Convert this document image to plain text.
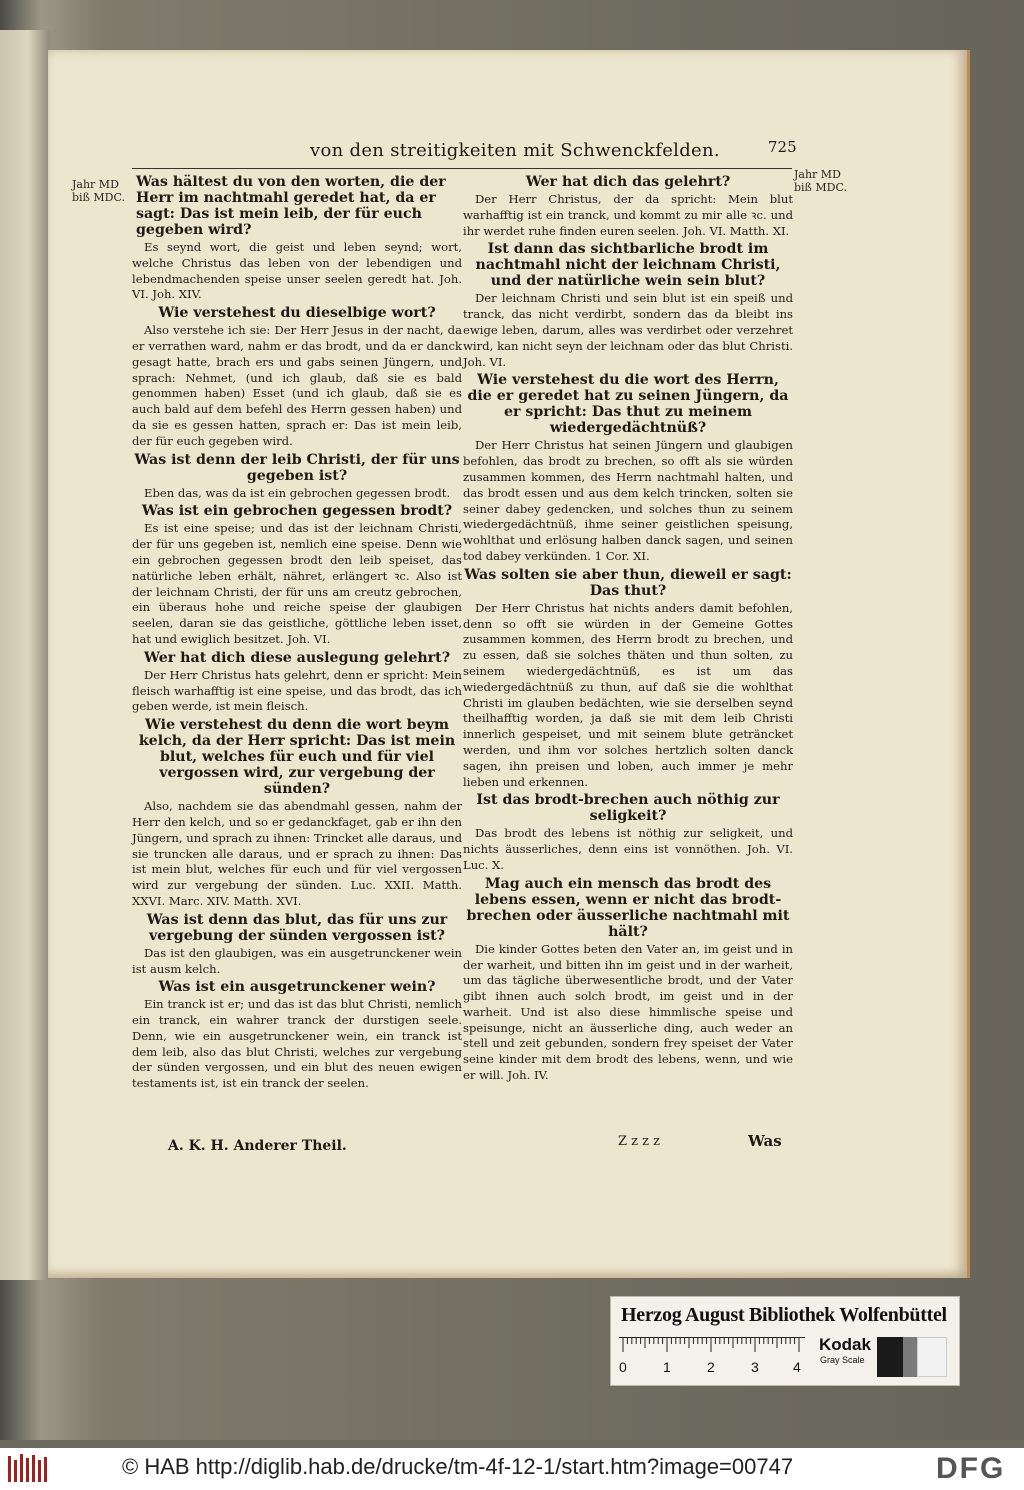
von den streitigkeiten mit Schwenckfelden.	725
Jahr MD
biß MDC.
Jahr MD
biß MDC.
Was hältest du von den worten, die der Herr im nachtmahl geredet hat, da er sagt: Das ist mein leib, der für euch gegeben wird?
Es seynd wort, die geist und leben seynd; wort, welche Christus das leben von der lebendigen und lebendmachenden speise unser seelen geredt hat. Joh. VI. Joh. XIV.
Wie verstehest du dieselbige wort?
Also verstehe ich sie: Der Herr Jesus in der nacht, da er verrathen ward, nahm er das brodt, und da er danck gesagt hatte, brach ers und gabs seinen Jüngern, und sprach: Nehmet, (und ich glaub, daß sie es bald genommen haben) Esset (und ich glaub, daß sie es auch bald auf dem befehl des Herrn gessen haben) und da sie es gessen hatten, sprach er: Das ist mein leib, der für euch gegeben wird.
Was ist denn der leib Christi, der für uns gegeben ist?
Eben das, was da ist ein gebrochen gegessen brodt.
Was ist ein gebrochen gegessen brodt?
Es ist eine speise; und das ist der leichnam Christi, der für uns gegeben ist, nemlich eine speise. Denn wie ein gebrochen gegessen brodt den leib speiset, das natürliche leben erhält, nähret, erlängert ꝛc. Also ist der leichnam Christi, der für uns am creutz gebrochen, ein überaus hohe und reiche speise der glaubigen seelen, daran sie das geistliche, göttliche leben isset, hat und ewiglich besitzet. Joh. VI.
Wer hat dich diese auslegung gelehrt?
Der Herr Christus hats gelehrt, denn er spricht: Mein fleisch warhafftig ist eine speise, und das brodt, das ich geben werde, ist mein fleisch.
Wie verstehest du denn die wort beym kelch, da der Herr spricht: Das ist mein blut, welches für euch und für viel vergossen wird, zur vergebung der sünden?
Also, nachdem sie das abendmahl gessen, nahm der Herr den kelch, und so er gedanckfaget, gab er ihn den Jüngern, und sprach zu ihnen: Trincket alle daraus, und sie truncken alle daraus, und er sprach zu ihnen: Das ist mein blut, welches für euch und für viel vergossen wird zur vergebung der sünden. Luc. XXII. Matth. XXVI. Marc. XIV. Matth. XVI.
Was ist denn das blut, das für uns zur vergebung der sünden vergossen ist?
Das ist den glaubigen, was ein ausgetrunckener wein ist ausm kelch.
Was ist ein ausgetrunckener wein?
Ein tranck ist er; und das ist das blut Christi, nemlich ein tranck, ein wahrer tranck der durstigen seele. Denn, wie ein ausgetrunckener wein, ein tranck ist dem leib, also das blut Christi, welches zur vergebung der sünden vergossen, und ein blut des neuen ewigen testaments ist, ist ein tranck der seelen.
Wer hat dich das gelehrt?
Der Herr Christus, der da spricht: Mein blut warhafftig ist ein tranck, und kommt zu mir alle ꝛc. und ihr werdet ruhe finden euren seelen. Joh. VI. Matth. XI.
Ist dann das sichtbarliche brodt im nachtmahl nicht der leichnam Christi, und der natürliche wein sein blut?
Der leichnam Christi und sein blut ist ein speiß und tranck, das nicht verdirbt, sondern das da bleibt ins ewige leben, darum, alles was verdirbet oder verzehret wird, kan nicht seyn der leichnam oder das blut Christi. Joh. VI.
Wie verstehest du die wort des Herrn, die er geredet hat zu seinen Jüngern, da er spricht: Das thut zu meinem wiedergedächtnüß?
Der Herr Christus hat seinen Jüngern und glaubigen befohlen, das brodt zu brechen, so offt als sie würden zusammen kommen, des Herrn nachtmahl halten, und das brodt essen und aus dem kelch trincken, solten sie seiner dabey gedencken, und solches thun zu seinem wiedergedächtnüß, ihme seiner geistlichen speisung, wohlthat und erlösung halben danck sagen, und seinen tod dabey verkünden. 1 Cor. XI.
Was solten sie aber thun, dieweil er sagt: Das thut?
Der Herr Christus hat nichts anders damit befohlen, denn so offt sie würden in der Gemeine Gottes zusammen kommen, des Herrn brodt zu brechen, und zu essen, daß sie solches thäten und thun solten, zu seinem wiedergedächtnüß, es ist um das wiedergedächtnüß zu thun, auf daß sie die wohlthat Christi im glauben bedächten, wie sie derselben seynd theilhafftig worden, ja daß sie mit dem leib Christi innerlich gespeiset, und mit seinem blute geträncket werden, und ihm vor solches hertzlich solten danck sagen, ihn preisen und loben, auch immer je mehr lieben und erkennen.
Ist das brodt-brechen auch nöthig zur seligkeit?
Das brodt des lebens ist nöthig zur seligkeit, und nichts äusserliches, denn eins ist vonnöthen. Joh. VI. Luc. X.
Mag auch ein mensch das brodt des lebens essen, wenn er nicht das brodt-brechen oder äusserliche nachtmahl mit hält?
Die kinder Gottes beten den Vater an, im geist und in der warheit, und bitten ihn im geist und in der warheit, um das tägliche überwesentliche brodt, und der Vater gibt ihnen auch solch brodt, im geist und in der warheit. Und ist also diese himmlische speise und speisunge, nicht an äusserliche ding, auch weder an stell und zeit gebunden, sondern frey speiset der Vater seine kinder mit dem brodt des lebens, wenn, und wie er will. Joh. IV.
A. K. H. Anderer Theil.	Z z z z	Was
Herzog August Bibliothek Wolfenbüttel
0	1	2	3 4
Kodak
Gray Scale
© HAB http://diglib.hab.de/drucke/tm-4f-12-1/start.htm?image=00747	DFG
